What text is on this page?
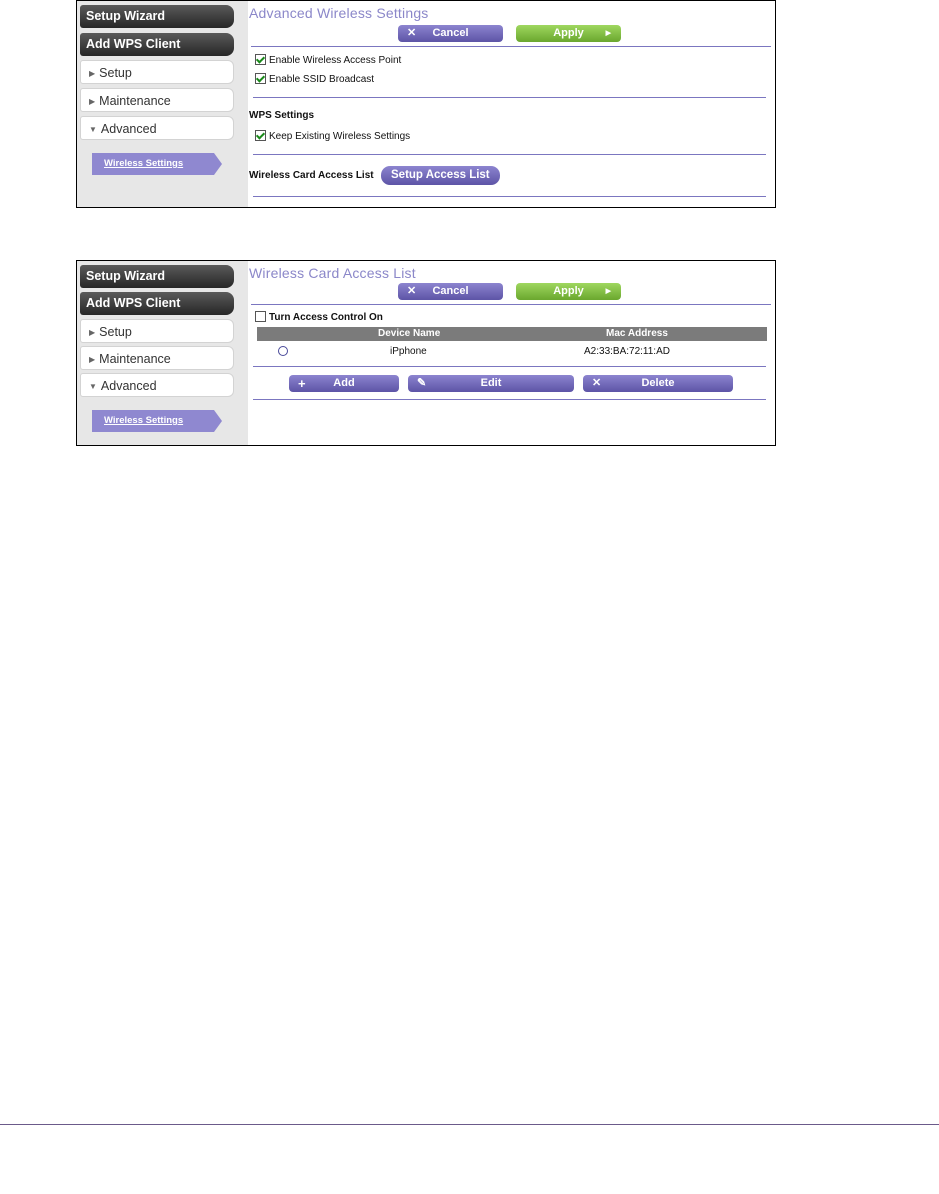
Setup Wizard
Add WPS Client
▶ Setup
▶ Maintenance
▼ Advanced
Wireless Settings
Advanced Wireless Settings
✕	Cancel	Apply	▶
Enable Wireless Access Point
Enable SSID Broadcast
WPS Settings
Keep Existing Wireless Settings
Wireless Card Access List	Setup Access List
Setup Wizard
Add WPS Client
▶ Setup
▶ Maintenance
▼ Advanced
Wireless Settings
Wireless Card Access List
✕	Cancel	Apply	▶
Turn Access Control On
Device Name	Mac Address
iPphone	A2:33:BA:72:11:AD
+	Add	✎	Edit	✕	Delete
